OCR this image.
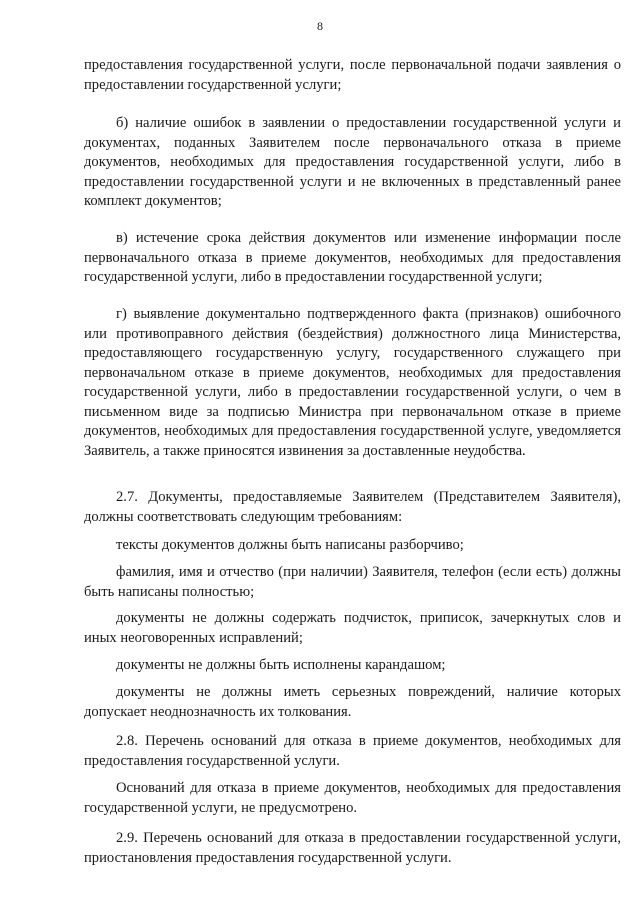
8

предоставления государственной услуги, после первоначальной подачи заявления о предоставлении государственной услуги;

б) наличие ошибок в заявлении о предоставлении государственной услуги и документах, поданных Заявителем после первоначального отказа в приеме документов, необходимых для предоставления государственной услуги, либо в предоставлении государственной услуги и не включенных в представленный ранее комплект документов;

в) истечение срока действия документов или изменение информации после первоначального отказа в приеме документов, необходимых для предоставления государственной услуги, либо в предоставлении государственной услуги;

г) выявление документально подтвержденного факта (признаков) ошибочного или противоправного действия (бездействия) должностного лица Министерства, предоставляющего государственную услугу, государственного служащего при первоначальном отказе в приеме документов, необходимых для предоставления государственной услуги, либо в предоставлении государственной услуги, о чем в письменном виде за подписью Министра при первоначальном отказе в приеме документов, необходимых для предоставления государственной услуге, уведомляется Заявитель, а также приносятся извинения за доставленные неудобства.

2.7. Документы, предоставляемые Заявителем (Представителем Заявителя), должны соответствовать следующим требованиям:

тексты документов должны быть написаны разборчиво;

фамилия, имя и отчество (при наличии) Заявителя, телефон (если есть) должны быть написаны полностью;

документы не должны содержать подчисток, приписок, зачеркнутых слов и иных неоговоренных исправлений;

документы не должны быть исполнены карандашом;

документы не должны иметь серьезных повреждений, наличие которых допускает неоднозначность их толкования.

2.8. Перечень оснований для отказа в приеме документов, необходимых для предоставления государственной услуги.

Оснований для отказа в приеме документов, необходимых для предоставления государственной услуги, не предусмотрено.

2.9. Перечень оснований для отказа в предоставлении государственной услуги, приостановления предоставления государственной услуги.
